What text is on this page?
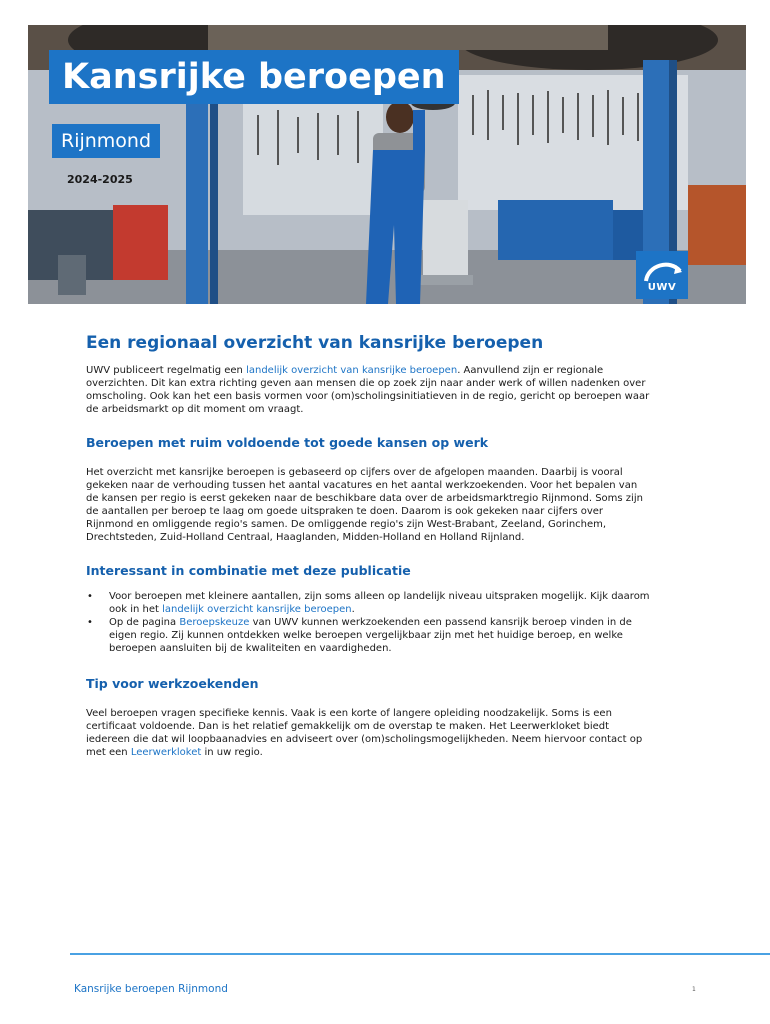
Kansrijke beroepen
Rijnmond
2024-2025
UWV
Een regionaal overzicht van kansrijke beroepen

UWV publiceert regelmatig een landelijk overzicht van kansrijke beroepen. Aanvullend zijn er regionale overzichten. Dit kan extra richting geven aan mensen die op zoek zijn naar ander werk of willen nadenken over omscholing. Ook kan het een basis vormen voor (om)scholingsinitiatieven in de regio, gericht op beroepen waar de arbeidsmarkt op dit moment om vraagt.

Beroepen met ruim voldoende tot goede kansen op werk

Het overzicht met kansrijke beroepen is gebaseerd op cijfers over de afgelopen maanden. Daarbij is vooral gekeken naar de verhouding tussen het aantal vacatures en het aantal werkzoekenden. Voor het bepalen van de kansen per regio is eerst gekeken naar de beschikbare data over de arbeidsmarktregio Rijnmond. Soms zijn de aantallen per beroep te laag om goede uitspraken te doen. Daarom is ook gekeken naar cijfers over Rijnmond en omliggende regio's samen. De omliggende regio's zijn West-Brabant, Zeeland, Gorinchem, Drechtsteden, Zuid-Holland Centraal, Haaglanden, Midden-Holland en Holland Rijnland.

Interessant in combinatie met deze publicatie
• Voor beroepen met kleinere aantallen, zijn soms alleen op landelijk niveau uitspraken mogelijk. Kijk daarom ook in het landelijk overzicht kansrijke beroepen.
• Op de pagina Beroepskeuze van UWV kunnen werkzoekenden een passend kansrijk beroep vinden in de eigen regio. Zij kunnen ontdekken welke beroepen vergelijkbaar zijn met het huidige beroep, en welke beroepen aansluiten bij de kwaliteiten en vaardigheden.
Tip voor werkzoekenden

Veel beroepen vragen specifieke kennis. Vaak is een korte of langere opleiding noodzakelijk. Soms is een certificaat voldoende. Dan is het relatief gemakkelijk om de overstap te maken. Het Leerwerkloket biedt iedereen die dat wil loopbaanadvies en adviseert over (om)scholingsmogelijkheden. Neem hiervoor contact op met een Leerwerkloket in uw regio.

Kansrijke beroepen Rijnmond	1
